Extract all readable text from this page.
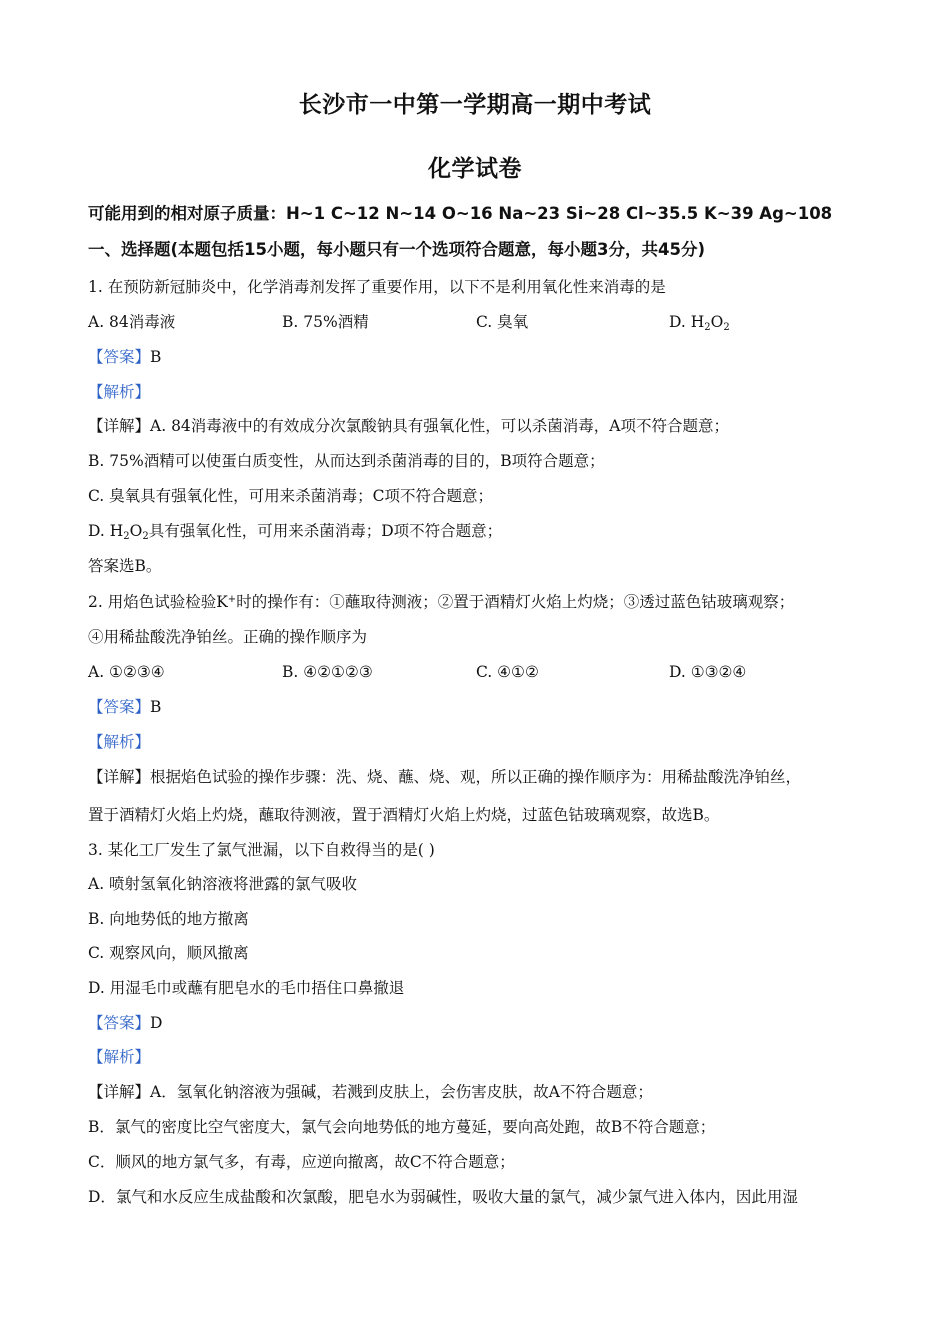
长沙市一中第一学期高一期中考试
化学试卷
可能用到的相对原子质量：H~1 C~12 N~14 O~16 Na~23 Si~28 Cl~35.5 K~39 Ag~108
一、选择题(本题包括15小题，每小题只有一个选项符合题意，每小题3分，共45分)
1. 在预防新冠肺炎中，化学消毒剂发挥了重要作用，以下不是利用氧化性来消毒的是
A. 84消毒液	B. 75%酒精	C. 臭氧	D. $H_2O_2$
【答案】B
【解析】
【详解】A. 84消毒液中的有效成分次氯酸钠具有强氧化性，可以杀菌消毒，A项不符合题意；
B. 75%酒精可以使蛋白质变性，从而达到杀菌消毒的目的，B项符合题意；
C. 臭氧具有强氧化性，可用来杀菌消毒；C项不符合题意；
D. $H_2O_2$具有强氧化性，可用来杀菌消毒；D项不符合题意；
答案选B。
2. 用焰色试验检验K+时的操作有：①蘸取待测液；②置于酒精灯火焰上灼烧；③透过蓝色钴玻璃观察；
④用稀盐酸洗净铂丝。正确的操作顺序为
A. ①②③④	B. ④②①②③	C. ④①②	D. ①③②④
【答案】B
【解析】
【详解】根据焰色试验的操作步骤：洗、烧、蘸、烧、观，所以正确的操作顺序为：用稀盐酸洗净铂丝，
置于酒精灯火焰上灼烧，蘸取待测液，置于酒精灯火焰上灼烧，过蓝色钴玻璃观察，故选B。
3. 某化工厂发生了氯气泄漏，以下自救得当的是( )
A. 喷射氢氧化钠溶液将泄露的氯气吸收
B. 向地势低的地方撤离
C. 观察风向，顺风撤离
D. 用湿毛巾或蘸有肥皂水的毛巾捂住口鼻撤退
【答案】D
【解析】
【详解】A．氢氧化钠溶液为强碱，若溅到皮肤上，会伤害皮肤，故A不符合题意；
B．氯气的密度比空气密度大，氯气会向地势低的地方蔓延，要向高处跑，故B不符合题意；
C．顺风的地方氯气多，有毒，应逆向撤离，故C不符合题意；
D．氯气和水反应生成盐酸和次氯酸，肥皂水为弱碱性，吸收大量的氯气，减少氯气进入体内，因此用湿
